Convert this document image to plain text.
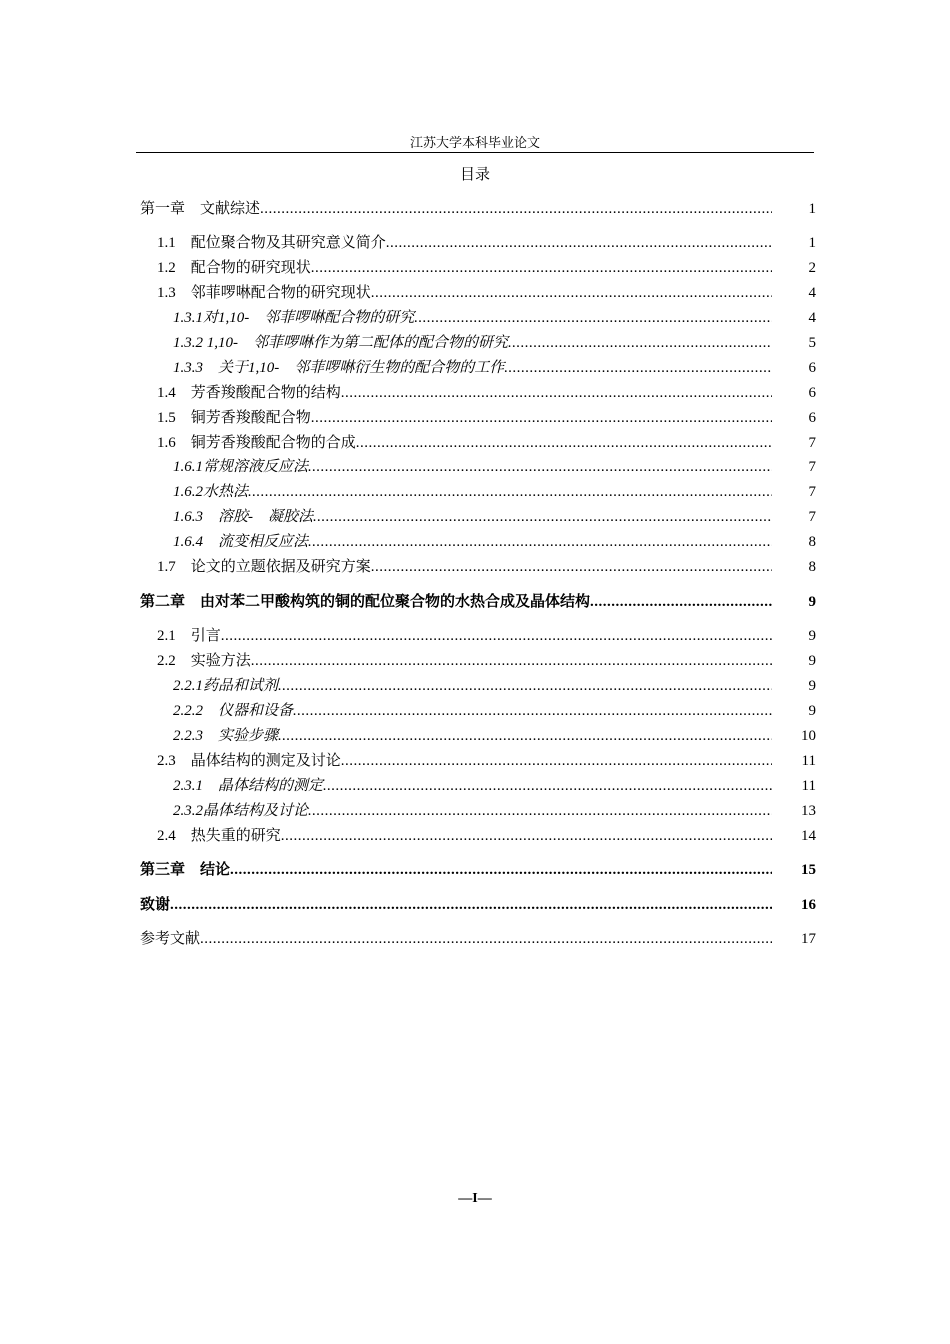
江苏大学本科毕业论文
目录
第一章　文献综述 .....	1
1.1　配位聚合物及其研究意义简介 .....	1
1.2　配合物的研究现状 .....	2
1.3　邻菲啰啉配合物的研究现状 .....	4
1.3.1对1,10-　邻菲啰啉配合物的研究 .....	4
1.3.2 1,10-　邻菲啰啉作为第二配体的配合物的研究 .....	5
1.3.3　关于1,10-　邻菲啰啉衍生物的配合物的工作 .....	6
1.4　芳香羧酸配合物的结构 .....	6
1.5　铜芳香羧酸配合物 .....	6
1.6　铜芳香羧酸配合物的合成 .....	7
1.6.1常规溶液反应法 .....	7
1.6.2水热法 .....	7
1.6.3　溶胶-　凝胶法 .....	7
1.6.4　流变相反应法 .....	8
1.7　论文的立题依据及研究方案 .....	8
第二章　由对苯二甲酸构筑的铜的配位聚合物的水热合成及晶体结构 .....	9
2.1　引言 .....	9
2.2　实验方法 .....	9
2.2.1药品和试剂 .....	9
2.2.2　仪器和设备 .....	9
2.2.3　实验步骤 .....	10
2.3　晶体结构的测定及讨论 .....	11
2.3.1　晶体结构的测定 .....	11
2.3.2晶体结构及讨论 .....	13
2.4　热失重的研究 .....	14
第三章　结论 .....	15
致谢 .....	16
参考文献 .....	17
—I—
